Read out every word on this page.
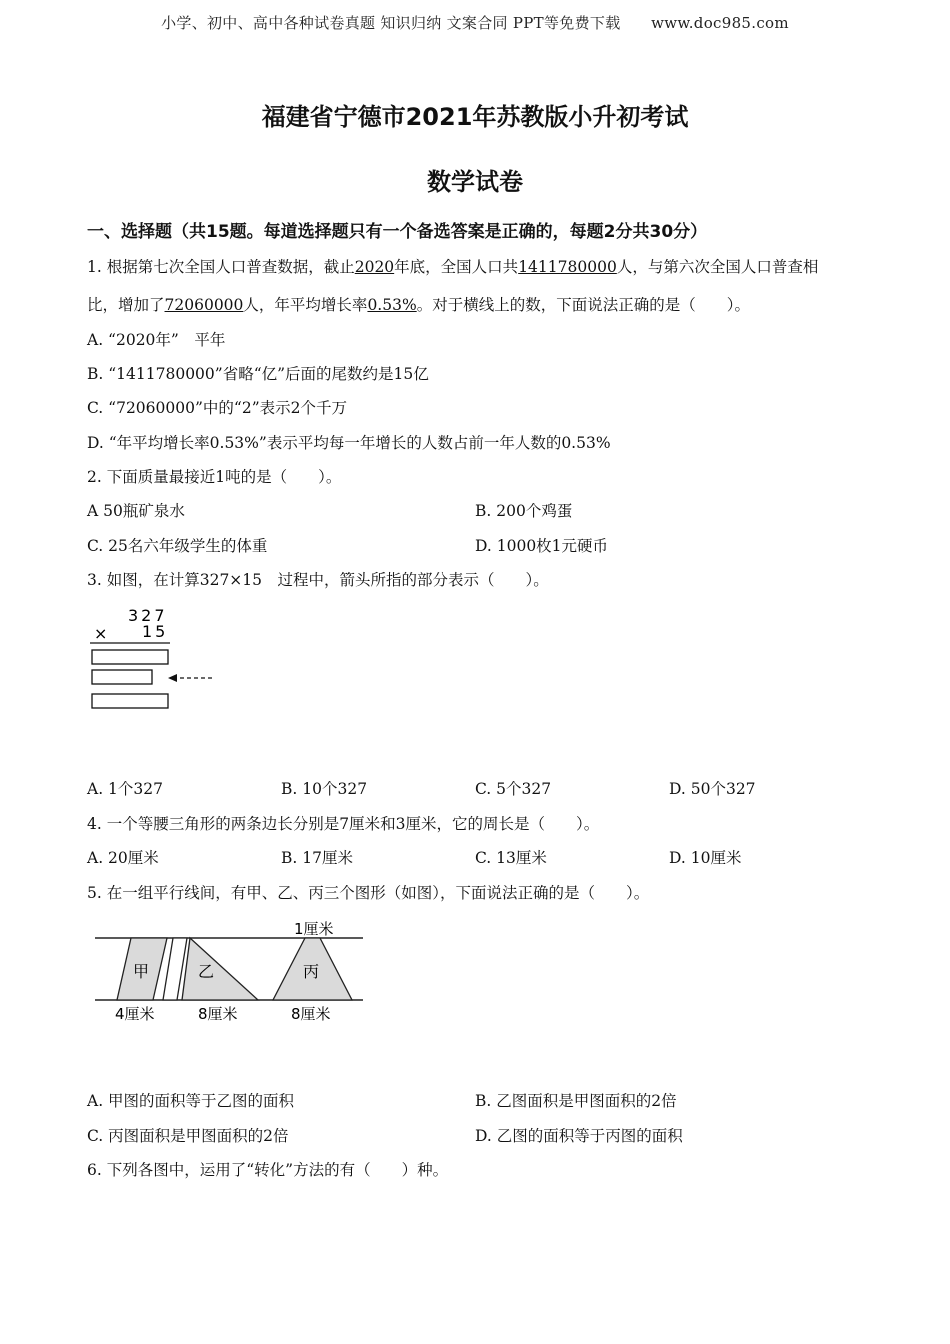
小学、初中、高中各种试卷真题 知识归纳 文案合同 PPT等免费下载　　www.doc985.com
福建省宁德市2021年苏教版小升初考试
数学试卷
一、选择题（共15题。每道选择题只有一个备选答案是正确的，每题2分共30分）
1. 根据第七次全国人口普查数据，截止2020年底，全国人口共1411780000人，与第六次全国人口普查相
比，增加了72060000人，年平均增长率0.53%。对于横线上的数，下面说法正确的是（　　）。
A. “2020年”　平年
B. “1411780000”省略“亿”后面的尾数约是15亿
C. “72060000”中的“2”表示2个千万
D. “年平均增长率0.53%”表示平均每一年增长的人数占前一年人数的0.53%
2. 下面质量最接近1吨的是（　　）。
A 50瓶矿泉水	B. 200个鸡蛋
C. 25名六年级学生的体重	D. 1000枚1元硬币
3. 如图，在计算327×15　过程中，箭头所指的部分表示（　　）。
327
× 15
A. 1个327	B. 10个327	C. 5个327	D. 50个327
4. 一个等腰三角形的两条边长分别是7厘米和3厘米，它的周长是（　　）。
A. 20厘米	B. 17厘米	C. 13厘米	D. 10厘米
5. 在一组平行线间，有甲、乙、丙三个图形（如图），下面说法正确的是（　　）。
甲	乙	丙
1厘米
4厘米	8厘米	8厘米
A. 甲图的面积等于乙图的面积	B. 乙图面积是甲图面积的2倍
C. 丙图面积是甲图面积的2倍	D. 乙图的面积等于丙图的面积
6. 下列各图中，运用了“转化”方法的有（　　）种。
